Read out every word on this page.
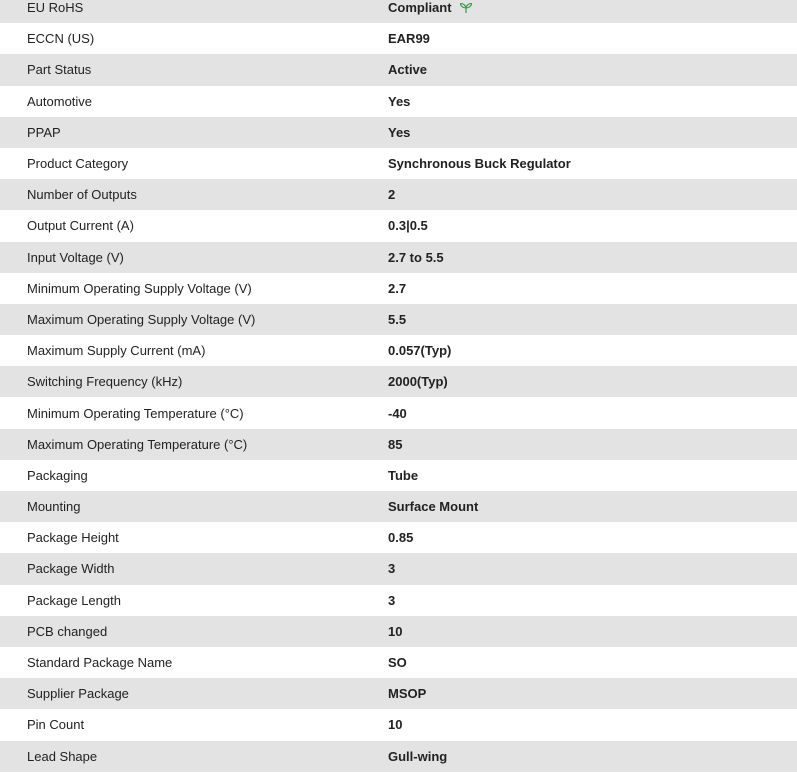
EU RoHS	Compliant
ECCN (US)	EAR99
Part Status	Active
Automotive	Yes
PPAP	Yes
Product Category	Synchronous Buck Regulator
Number of Outputs	2
Output Current (A)	0.3|0.5
Input Voltage (V)	2.7 to 5.5
Minimum Operating Supply Voltage (V)	2.7
Maximum Operating Supply Voltage (V)	5.5
Maximum Supply Current (mA)	0.057(Typ)
Switching Frequency (kHz)	2000(Typ)
Minimum Operating Temperature (°C)	-40
Maximum Operating Temperature (°C)	85
Packaging	Tube
Mounting	Surface Mount
Package Height	0.85
Package Width	3
Package Length	3
PCB changed	10
Standard Package Name	SO
Supplier Package	MSOP
Pin Count	10
Lead Shape	Gull-wing
